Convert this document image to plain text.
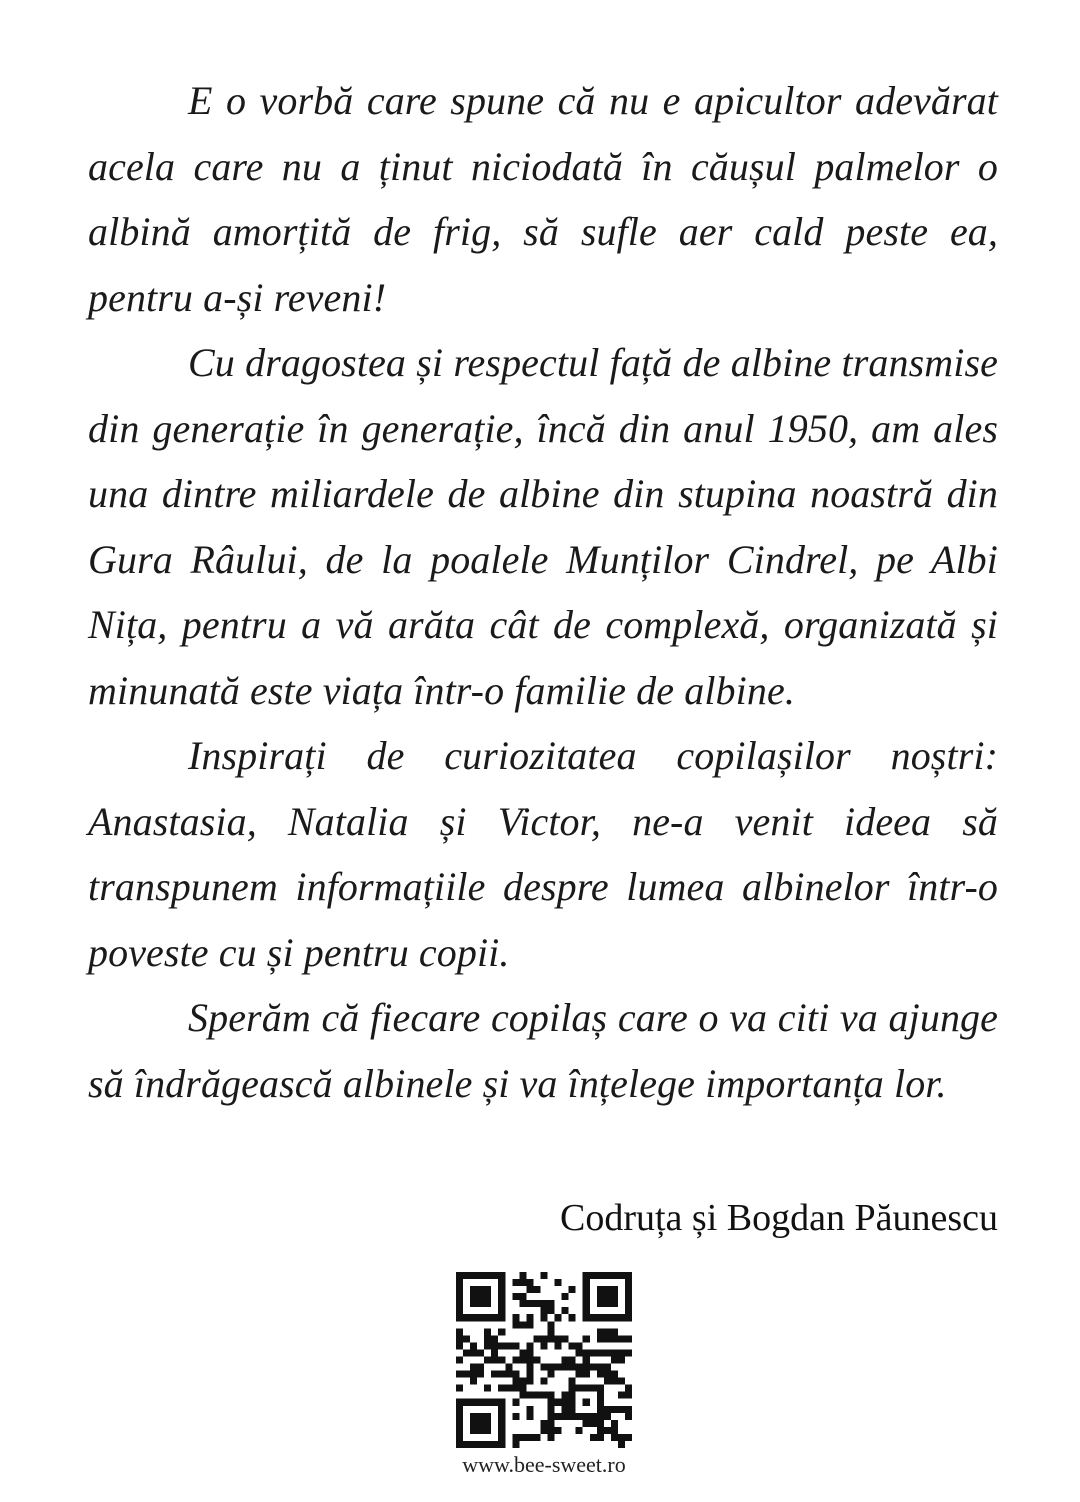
E o vorbă care spune că nu e apicultor adevărat acela care nu a ținut niciodată în căușul palmelor o albină amorțită de frig, să sufle aer cald peste ea, pentru a-și reveni!

Cu dragostea și respectul față de albine transmise din generație în generație, încă din anul 1950, am ales una dintre miliardele de albine din stupina noastră din Gura Râului, de la poalele Munților Cindrel, pe Albi Nița, pentru a vă arăta cât de complexă, organizată și minunată este viața într-o familie de albine.

Inspirați de curiozitatea copilașilor noștri: Anastasia, Natalia și Victor, ne-a venit ideea să transpunem informațiile despre lumea albinelor într-o poveste cu și pentru copii.

Sperăm că fiecare copilaș care o va citi va ajunge să îndrăgească albinele și va înțelege importanța lor.

Codruța și Bogdan Păunescu
www.bee-sweet.ro
